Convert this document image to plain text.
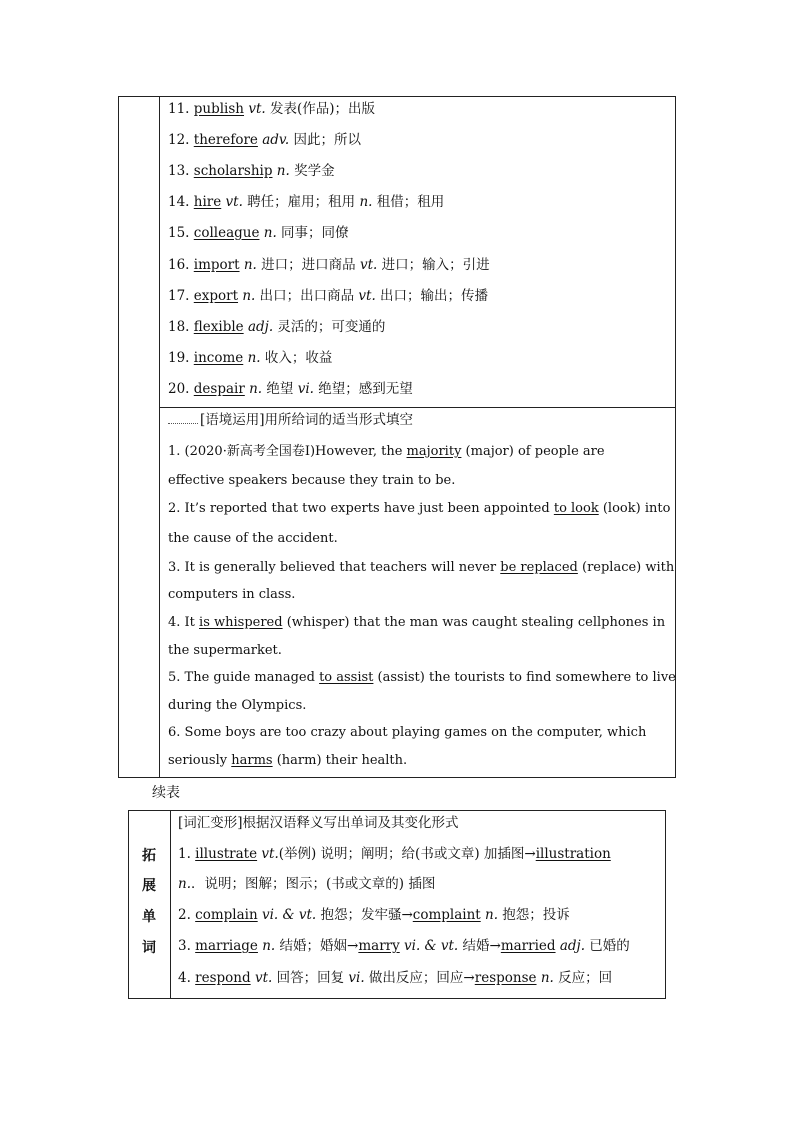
11. publish vt. 发表(作品)；出版
12. therefore adv. 因此；所以
13. scholarship n. 奖学金
14. hire vt. 聘任；雇用；租用 n. 租借；租用
15. colleague n. 同事；同僚
16. import n. 进口；进口商品 vt. 进口；输入；引进
17. export n. 出口；出口商品 vt. 出口；输出；传播
18. flexible adj. 灵活的；可变通的
19. income n. 收入；收益
20. despair n. 绝望 vi. 绝望；感到无望
[语境运用]用所给词的适当形式填空
1. (2020·新高考全国卷Ⅰ)However, the majority (major) of people are
effective speakers because they train to be.
2. It’s reported that two experts have just been appointed to look (look) into
the cause of the accident.
3. It is generally believed that teachers will never be replaced (replace) with
computers in class.
4. It is whispered (whisper) that the man was caught stealing cellphones in
the supermarket.
5. The guide managed to assist (assist) the tourists to find somewhere to live
during the Olympics.
6. Some boys are too crazy about playing games on the computer, which
seriously harms (harm) their health.
续表
拓
展
单
词
[词汇变形]根据汉语释义写出单词及其变化形式
1. illustrate vt.(举例) 说明；阐明；给(书或文章) 加插图→illustration
n.．说明；图解；图示；(书或文章的) 插图
2. complain vi. & vt. 抱怨；发牢骚→complaint n. 抱怨；投诉
3. marriage n. 结婚；婚姻→marry vi. & vt. 结婚→married adj. 已婚的
4. respond vt. 回答；回复 vi. 做出反应；回应→response n. 反应；回
